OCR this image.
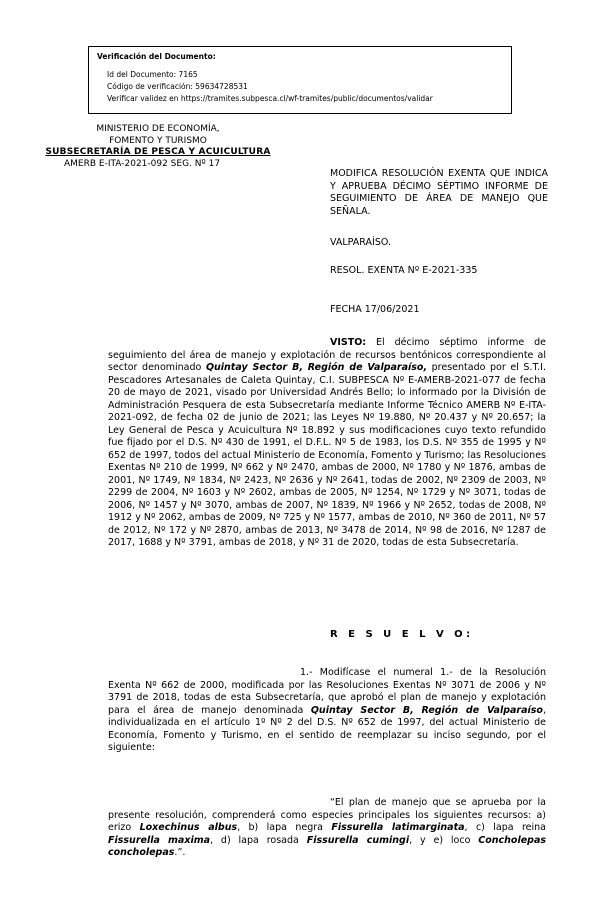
Verificación del Documento:
• Id del Documento: 7165
• Código de verificación: 59634728531
• Verificar validez en https://tramites.subpesca.cl/wf-tramites/public/documentos/validar
MINISTERIO DE ECONOMÍA,
FOMENTO Y TURISMO
SUBSECRETARÍA DE PESCA Y ACUICULTURA
AMERB E-ITA-2021-092 SEG. Nº 17
MODIFICA RESOLUCIÓN EXENTA QUE INDICA Y APRUEBA DÉCIMO SÉPTIMO INFORME DE SEGUIMIENTO DE ÁREA DE MANEJO QUE SEÑALA.
VALPARAÍSO.
RESOL. EXENTA Nº E-2021-335
FECHA 17/06/2021
VISTO: El décimo séptimo informe de seguimiento del área de manejo y explotación de recursos bentónicos correspondiente al sector denominado Quintay Sector B, Región de Valparaíso, presentado por el S.T.I. Pescadores Artesanales de Caleta Quintay, C.I. SUBPESCA Nº E-AMERB-2021-077 de fecha 20 de mayo de 2021, visado por Universidad Andrés Bello; lo informado por la División de Administración Pesquera de esta Subsecretaría mediante Informe Técnico AMERB Nº E-ITA-2021-092, de fecha 02 de junio de 2021; las Leyes Nº 19.880, Nº 20.437 y Nº 20.657; la Ley General de Pesca y Acuicultura Nº 18.892 y sus modificaciones cuyo texto refundido fue fijado por el D.S. Nº 430 de 1991, el D.F.L. Nº 5 de 1983, los D.S. Nº 355 de 1995 y Nº 652 de 1997, todos del actual Ministerio de Economía, Fomento y Turismo; las Resoluciones Exentas Nº 210 de 1999, Nº 662 y Nº 2470, ambas de 2000, Nº 1780 y Nº 1876, ambas de 2001, Nº 1749, Nº 1834, Nº 2423, Nº 2636 y Nº 2641, todas de 2002, Nº 2309 de 2003, Nº 2299 de 2004, Nº 1603 y Nº 2602, ambas de 2005, Nº 1254, Nº 1729 y Nº 3071, todas de 2006, Nº 1457 y Nº 3070, ambas de 2007, Nº 1839, Nº 1966 y Nº 2652, todas de 2008, Nº 1912 y Nº 2062, ambas de 2009, Nº 725 y Nº 1577, ambas de 2010, Nº 360 de 2011, Nº 57 de 2012, Nº 172 y Nº 2870, ambas de 2013, Nº 3478 de 2014, Nº 98 de 2016, Nº 1287 de 2017, 1688 y Nº 3791, ambas de 2018, y Nº 31 de 2020, todas de esta Subsecretaría.
R E S U E L V O:
1.- Modifícase el numeral 1.- de la Resolución Exenta Nº 662 de 2000, modificada por las Resoluciones Exentas Nº 3071 de 2006 y Nº 3791 de 2018, todas de esta Subsecretaría, que aprobó el plan de manejo y explotación para el área de manejo denominada Quintay Sector B, Región de Valparaíso, individualizada en el artículo 1º Nº 2 del D.S. Nº 652 de 1997, del actual Ministerio de Economía, Fomento y Turismo, en el sentido de reemplazar su inciso segundo, por el siguiente:
“El plan de manejo que se aprueba por la presente resolución, comprenderá como especies principales los siguientes recursos: a) erizo Loxechinus albus, b) lapa negra Fissurella latimarginata, c) lapa reina Fissurella maxima, d) lapa rosada Fissurella cumingi, y e) loco Concholepas concholepas.”.
